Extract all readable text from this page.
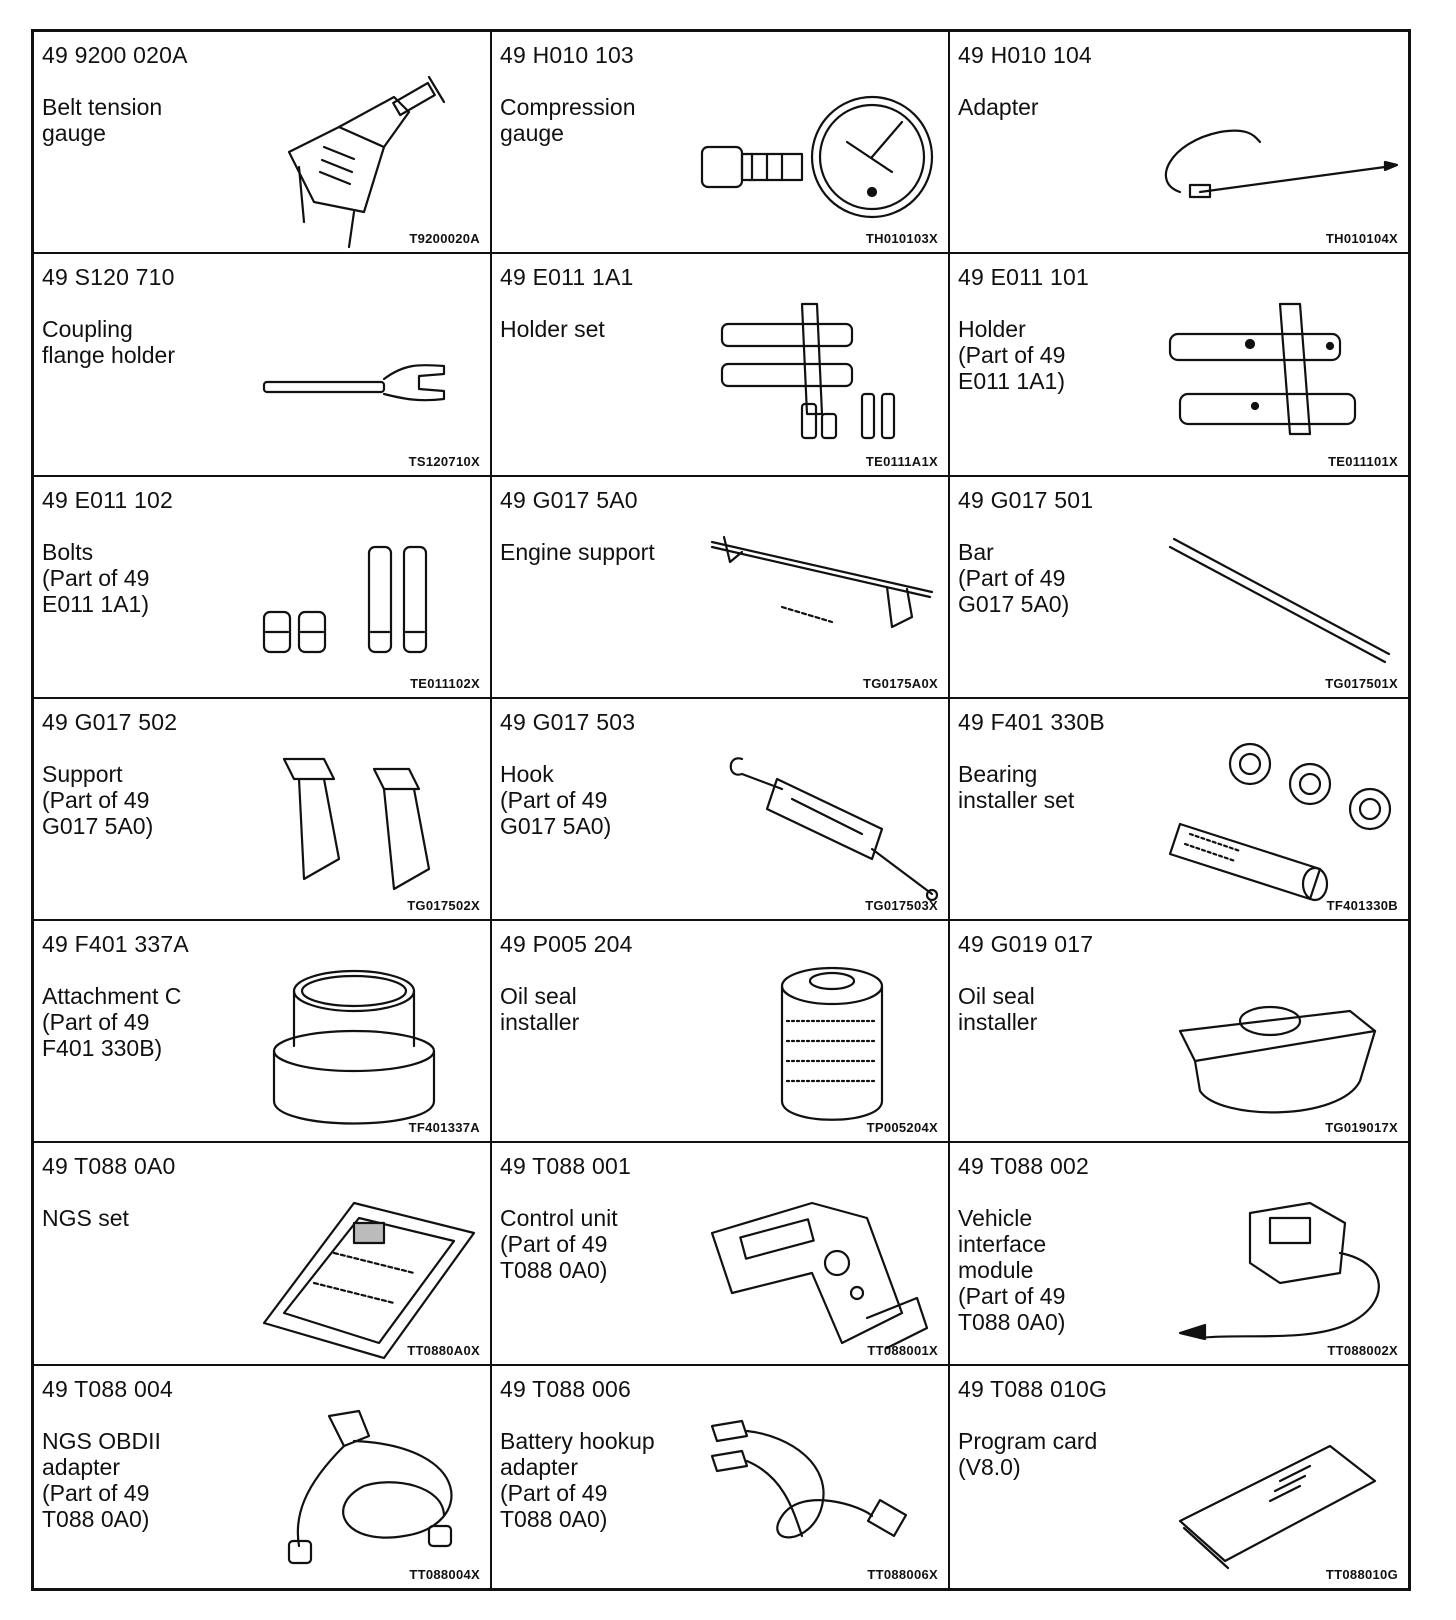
49 9200 020A
Belt tension
gauge
T9200020A
49 H010 103
Compression
gauge
TH010103X
49 H010 104
Adapter
TH010104X
49 S120 710
Coupling
flange holder
TS120710X
49 E011 1A1
Holder set
TE0111A1X
49 E011 101
Holder
(Part of 49
E011 1A1)
TE011101X
49 E011 102
Bolts
(Part of 49
E011 1A1)
TE011102X
49 G017 5A0
Engine support
TG0175A0X
49 G017 501
Bar
(Part of 49
G017 5A0)
TG017501X
49 G017 502
Support
(Part of 49
G017 5A0)
TG017502X
49 G017 503
Hook
(Part of 49
G017 5A0)
TG017503X
49 F401 330B
Bearing
installer set
TF401330B
49 F401 337A
Attachment C
(Part of 49
F401 330B)
TF401337A
49 P005 204
Oil seal
installer
TP005204X
49 G019 017
Oil seal
installer
TG019017X
49 T088 0A0
NGS set
TT0880A0X
49 T088 001
Control unit
(Part of 49
T088 0A0)
TT088001X
49 T088 002
Vehicle
interface
module
(Part of 49
T088 0A0)
TT088002X
49 T088 004
NGS OBDII
adapter
(Part of 49
T088 0A0)
TT088004X
49 T088 006
Battery hookup
adapter
(Part of 49
T088 0A0)
TT088006X
49 T088 010G
Program card
(V8.0)
TT088010G
